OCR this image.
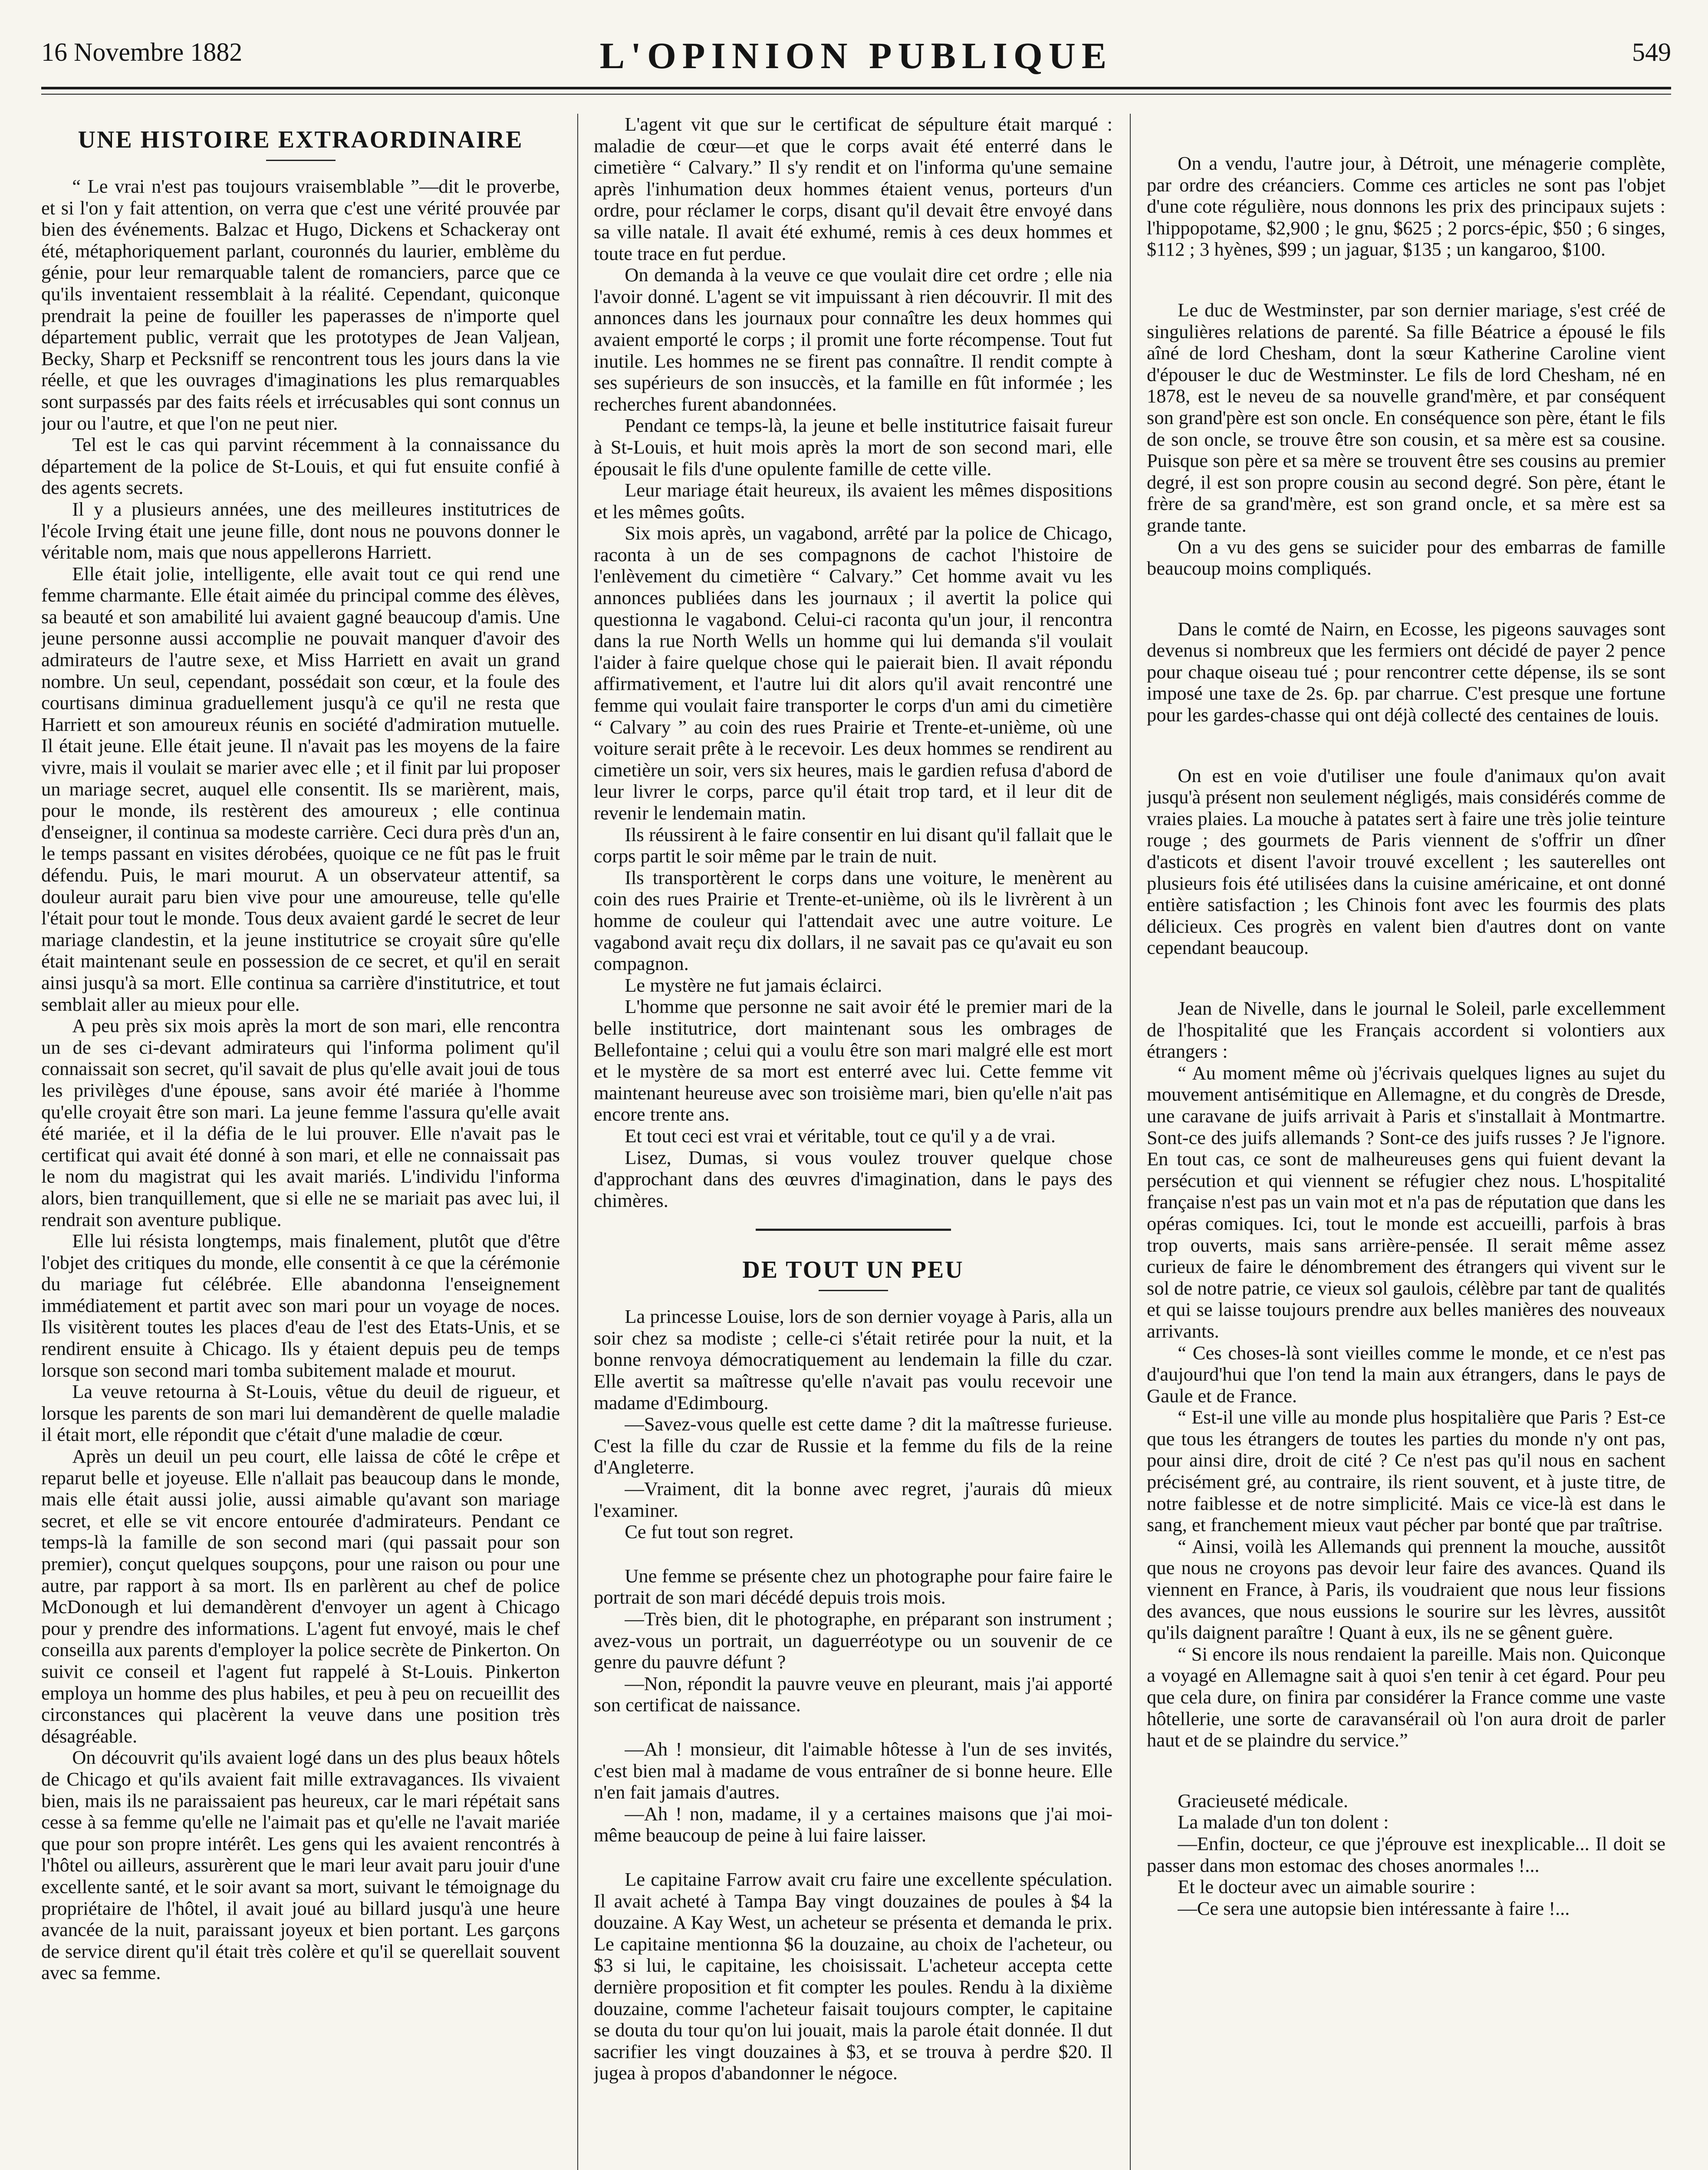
16 Novembre 1882	L'OPINION PUBLIQUE	549
UNE HISTOIRE EXTRAORDINAIRE

“ Le vrai n'est pas toujours vraisemblable ”—dit le proverbe, et si l'on y fait attention, on verra que c'est une vérité prouvée par bien des événements. Balzac et Hugo, Dickens et Schackeray ont été, métaphoriquement parlant, couronnés du laurier, emblème du génie, pour leur remarquable talent de romanciers, parce que ce qu'ils inventaient ressemblait à la réalité. Cependant, quiconque prendrait la peine de fouiller les paperasses de n'importe quel département public, verrait que les prototypes de Jean Valjean, Becky, Sharp et Pecksniff se rencontrent tous les jours dans la vie réelle, et que les ouvrages d'imaginations les plus remarquables sont surpassés par des faits réels et irrécusables qui sont connus un jour ou l'autre, et que l'on ne peut nier.

Tel est le cas qui parvint récemment à la connaissance du département de la police de St-Louis, et qui fut ensuite confié à des agents secrets.

Il y a plusieurs années, une des meilleures institutrices de l'école Irving était une jeune fille, dont nous ne pouvons donner le véritable nom, mais que nous appellerons Harriett.

Elle était jolie, intelligente, elle avait tout ce qui rend une femme charmante. Elle était aimée du principal comme des élèves, sa beauté et son amabilité lui avaient gagné beaucoup d'amis. Une jeune personne aussi accomplie ne pouvait manquer d'avoir des admirateurs de l'autre sexe, et Miss Harriett en avait un grand nombre. Un seul, cependant, possédait son cœur, et la foule des courtisans diminua graduellement jusqu'à ce qu'il ne resta que Harriett et son amoureux réunis en société d'admiration mutuelle. Il était jeune. Elle était jeune. Il n'avait pas les moyens de la faire vivre, mais il voulait se marier avec elle ; et il finit par lui proposer un mariage secret, auquel elle consentit. Ils se marièrent, mais, pour le monde, ils restèrent des amoureux ; elle continua d'enseigner, il continua sa modeste carrière. Ceci dura près d'un an, le temps passant en visites dérobées, quoique ce ne fût pas le fruit défendu. Puis, le mari mourut. A un observateur attentif, sa douleur aurait paru bien vive pour une amoureuse, telle qu'elle l'était pour tout le monde. Tous deux avaient gardé le secret de leur mariage clandestin, et la jeune institutrice se croyait sûre qu'elle était maintenant seule en possession de ce secret, et qu'il en serait ainsi jusqu'à sa mort. Elle continua sa carrière d'institutrice, et tout semblait aller au mieux pour elle.

A peu près six mois après la mort de son mari, elle rencontra un de ses ci-devant admirateurs qui l'informa poliment qu'il connaissait son secret, qu'il savait de plus qu'elle avait joui de tous les privilèges d'une épouse, sans avoir été mariée à l'homme qu'elle croyait être son mari. La jeune femme l'assura qu'elle avait été mariée, et il la défia de le lui prouver. Elle n'avait pas le certificat qui avait été donné à son mari, et elle ne connaissait pas le nom du magistrat qui les avait mariés. L'individu l'informa alors, bien tranquillement, que si elle ne se mariait pas avec lui, il rendrait son aventure publique.

Elle lui résista longtemps, mais finalement, plutôt que d'être l'objet des critiques du monde, elle consentit à ce que la cérémonie du mariage fut célébrée. Elle abandonna l'enseignement immédiatement et partit avec son mari pour un voyage de noces. Ils visitèrent toutes les places d'eau de l'est des Etats-Unis, et se rendirent ensuite à Chicago. Ils y étaient depuis peu de temps lorsque son second mari tomba subitement malade et mourut.

La veuve retourna à St-Louis, vêtue du deuil de rigueur, et lorsque les parents de son mari lui demandèrent de quelle maladie il était mort, elle répondit que c'était d'une maladie de cœur.

Après un deuil un peu court, elle laissa de côté le crêpe et reparut belle et joyeuse. Elle n'allait pas beaucoup dans le monde, mais elle était aussi jolie, aussi aimable qu'avant son mariage secret, et elle se vit encore entourée d'admirateurs. Pendant ce temps-là la famille de son second mari (qui passait pour son premier), conçut quelques soupçons, pour une raison ou pour une autre, par rapport à sa mort. Ils en parlèrent au chef de police McDonough et lui demandèrent d'envoyer un agent à Chicago pour y prendre des informations. L'agent fut envoyé, mais le chef conseilla aux parents d'employer la police secrète de Pinkerton. On suivit ce conseil et l'agent fut rappelé à St-Louis. Pinkerton employa un homme des plus habiles, et peu à peu on recueillit des circonstances qui placèrent la veuve dans une position très désagréable.

On découvrit qu'ils avaient logé dans un des plus beaux hôtels de Chicago et qu'ils avaient fait mille extravagances. Ils vivaient bien, mais ils ne paraissaient pas heureux, car le mari répétait sans cesse à sa femme qu'elle ne l'aimait pas et qu'elle ne l'avait mariée que pour son propre intérêt. Les gens qui les avaient rencontrés à l'hôtel ou ailleurs, assurèrent que le mari leur avait paru jouir d'une excellente santé, et le soir avant sa mort, suivant le témoignage du propriétaire de l'hôtel, il avait joué au billard jusqu'à une heure avancée de la nuit, paraissant joyeux et bien portant. Les garçons de service dirent qu'il était très colère et qu'il se querellait souvent avec sa femme.

L'agent vit que sur le certificat de sépulture était marqué : maladie de cœur—et que le corps avait été enterré dans le cimetière “ Calvary.” Il s'y rendit et on l'informa qu'une semaine après l'inhumation deux hommes étaient venus, porteurs d'un ordre, pour réclamer le corps, disant qu'il devait être envoyé dans sa ville natale. Il avait été exhumé, remis à ces deux hommes et toute trace en fut perdue.

On demanda à la veuve ce que voulait dire cet ordre ; elle nia l'avoir donné. L'agent se vit impuissant à rien découvrir. Il mit des annonces dans les journaux pour connaître les deux hommes qui avaient emporté le corps ; il promit une forte récompense. Tout fut inutile. Les hommes ne se firent pas connaître. Il rendit compte à ses supérieurs de son insuccès, et la famille en fût informée ; les recherches furent abandonnées.

Pendant ce temps-là, la jeune et belle institutrice faisait fureur à St-Louis, et huit mois après la mort de son second mari, elle épousait le fils d'une opulente famille de cette ville.

Leur mariage était heureux, ils avaient les mêmes dispositions et les mêmes goûts.

Six mois après, un vagabond, arrêté par la police de Chicago, raconta à un de ses compagnons de cachot l'histoire de l'enlèvement du cimetière “ Calvary.” Cet homme avait vu les annonces publiées dans les journaux ; il avertit la police qui questionna le vagabond. Celui-ci raconta qu'un jour, il rencontra dans la rue North Wells un homme qui lui demanda s'il voulait l'aider à faire quelque chose qui le paierait bien. Il avait répondu affirmativement, et l'autre lui dit alors qu'il avait rencontré une femme qui voulait faire transporter le corps d'un ami du cimetière “ Calvary ” au coin des rues Prairie et Trente-et-unième, où une voiture serait prête à le recevoir. Les deux hommes se rendirent au cimetière un soir, vers six heures, mais le gardien refusa d'abord de leur livrer le corps, parce qu'il était trop tard, et il leur dit de revenir le lendemain matin.

Ils réussirent à le faire consentir en lui disant qu'il fallait que le corps partit le soir même par le train de nuit.

Ils transportèrent le corps dans une voiture, le menèrent au coin des rues Prairie et Trente-et-unième, où ils le livrèrent à un homme de couleur qui l'attendait avec une autre voiture. Le vagabond avait reçu dix dollars, il ne savait pas ce qu'avait eu son compagnon.

Le mystère ne fut jamais éclairci.

L'homme que personne ne sait avoir été le premier mari de la belle institutrice, dort maintenant sous les ombrages de Bellefontaine ; celui qui a voulu être son mari malgré elle est mort et le mystère de sa mort est enterré avec lui. Cette femme vit maintenant heureuse avec son troisième mari, bien qu'elle n'ait pas encore trente ans.

Et tout ceci est vrai et véritable, tout ce qu'il y a de vrai.

Lisez, Dumas, si vous voulez trouver quelque chose d'approchant dans des œuvres d'imagination, dans le pays des chimères.

DE TOUT UN PEU

La princesse Louise, lors de son dernier voyage à Paris, alla un soir chez sa modiste ; celle-ci s'était retirée pour la nuit, et la bonne renvoya démocratiquement au lendemain la fille du czar. Elle avertit sa maîtresse qu'elle n'avait pas voulu recevoir une madame d'Edimbourg.

—Savez-vous quelle est cette dame ? dit la maîtresse furieuse. C'est la fille du czar de Russie et la femme du fils de la reine d'Angleterre.

—Vraiment, dit la bonne avec regret, j'aurais dû mieux l'examiner.

Ce fut tout son regret.

Une femme se présente chez un photographe pour faire faire le portrait de son mari décédé depuis trois mois.

—Très bien, dit le photographe, en préparant son instrument ; avez-vous un portrait, un daguerréotype ou un souvenir de ce genre du pauvre défunt ?

—Non, répondit la pauvre veuve en pleurant, mais j'ai apporté son certificat de naissance.

—Ah ! monsieur, dit l'aimable hôtesse à l'un de ses invités, c'est bien mal à madame de vous entraîner de si bonne heure. Elle n'en fait jamais d'autres.

—Ah ! non, madame, il y a certaines maisons que j'ai moi-même beaucoup de peine à lui faire laisser.

Le capitaine Farrow avait cru faire une excellente spéculation. Il avait acheté à Tampa Bay vingt douzaines de poules à $4 la douzaine. A Kay West, un acheteur se présenta et demanda le prix. Le capitaine mentionna $6 la douzaine, au choix de l'acheteur, ou $3 si lui, le capitaine, les choisissait. L'acheteur accepta cette dernière proposition et fit compter les poules. Rendu à la dixième douzaine, comme l'acheteur faisait toujours compter, le capitaine se douta du tour qu'on lui jouait, mais la parole était donnée. Il dut sacrifier les vingt douzaines à $3, et se trouva à perdre $20. Il jugea à propos d'abandonner le négoce.

On a vendu, l'autre jour, à Détroit, une ménagerie complète, par ordre des créanciers. Comme ces articles ne sont pas l'objet d'une cote régulière, nous donnons les prix des principaux sujets : l'hippopotame, $2,900 ; le gnu, $625 ; 2 porcs-épic, $50 ; 6 singes, $112 ; 3 hyènes, $99 ; un jaguar, $135 ; un kangaroo, $100.

Le duc de Westminster, par son dernier mariage, s'est créé de singulières relations de parenté. Sa fille Béatrice a épousé le fils aîné de lord Chesham, dont la sœur Katherine Caroline vient d'épouser le duc de Westminster. Le fils de lord Chesham, né en 1878, est le neveu de sa nouvelle grand'mère, et par conséquent son grand'père est son oncle. En conséquence son père, étant le fils de son oncle, se trouve être son cousin, et sa mère est sa cousine. Puisque son père et sa mère se trouvent être ses cousins au premier degré, il est son propre cousin au second degré. Son père, étant le frère de sa grand'mère, est son grand oncle, et sa mère est sa grande tante.

On a vu des gens se suicider pour des embarras de famille beaucoup moins compliqués.

Dans le comté de Nairn, en Ecosse, les pigeons sauvages sont devenus si nombreux que les fermiers ont décidé de payer 2 pence pour chaque oiseau tué ; pour rencontrer cette dépense, ils se sont imposé une taxe de 2s. 6p. par charrue. C'est presque une fortune pour les gardes-chasse qui ont déjà collecté des centaines de louis.

On est en voie d'utiliser une foule d'animaux qu'on avait jusqu'à présent non seulement négligés, mais considérés comme de vraies plaies. La mouche à patates sert à faire une très jolie teinture rouge ; des gourmets de Paris viennent de s'offrir un dîner d'asticots et disent l'avoir trouvé excellent ; les sauterelles ont plusieurs fois été utilisées dans la cuisine américaine, et ont donné entière satisfaction ; les Chinois font avec les fourmis des plats délicieux. Ces progrès en valent bien d'autres dont on vante cependant beaucoup.

Jean de Nivelle, dans le journal le Soleil, parle excellemment de l'hospitalité que les Français accordent si volontiers aux étrangers :

“ Au moment même où j'écrivais quelques lignes au sujet du mouvement antisémitique en Allemagne, et du congrès de Dresde, une caravane de juifs arrivait à Paris et s'installait à Montmartre. Sont-ce des juifs allemands ? Sont-ce des juifs russes ? Je l'ignore. En tout cas, ce sont de malheureuses gens qui fuient devant la persécution et qui viennent se réfugier chez nous. L'hospitalité française n'est pas un vain mot et n'a pas de réputation que dans les opéras comiques. Ici, tout le monde est accueilli, parfois à bras trop ouverts, mais sans arrière-pensée. Il serait même assez curieux de faire le dénombrement des étrangers qui vivent sur le sol de notre patrie, ce vieux sol gaulois, célèbre par tant de qualités et qui se laisse toujours prendre aux belles manières des nouveaux arrivants.

“ Ces choses-là sont vieilles comme le monde, et ce n'est pas d'aujourd'hui que l'on tend la main aux étrangers, dans le pays de Gaule et de France.

“ Est-il une ville au monde plus hospitalière que Paris ? Est-ce que tous les étrangers de toutes les parties du monde n'y ont pas, pour ainsi dire, droit de cité ? Ce n'est pas qu'il nous en sachent précisément gré, au contraire, ils rient souvent, et à juste titre, de notre faiblesse et de notre simplicité. Mais ce vice-là est dans le sang, et franchement mieux vaut pécher par bonté que par traîtrise.

“ Ainsi, voilà les Allemands qui prennent la mouche, aussitôt que nous ne croyons pas devoir leur faire des avances. Quand ils viennent en France, à Paris, ils voudraient que nous leur fissions des avances, que nous eussions le sourire sur les lèvres, aussitôt qu'ils daignent paraître ! Quant à eux, ils ne se gênent guère.

“ Si encore ils nous rendaient la pareille. Mais non. Quiconque a voyagé en Allemagne sait à quoi s'en tenir à cet égard. Pour peu que cela dure, on finira par considérer la France comme une vaste hôtellerie, une sorte de caravansérail où l'on aura droit de parler haut et de se plaindre du service.”

Gracieuseté médicale.

La malade d'un ton dolent :

—Enfin, docteur, ce que j'éprouve est inexplicable... Il doit se passer dans mon estomac des choses anormales !...

Et le docteur avec un aimable sourire :

—Ce sera une autopsie bien intéressante à faire !...
